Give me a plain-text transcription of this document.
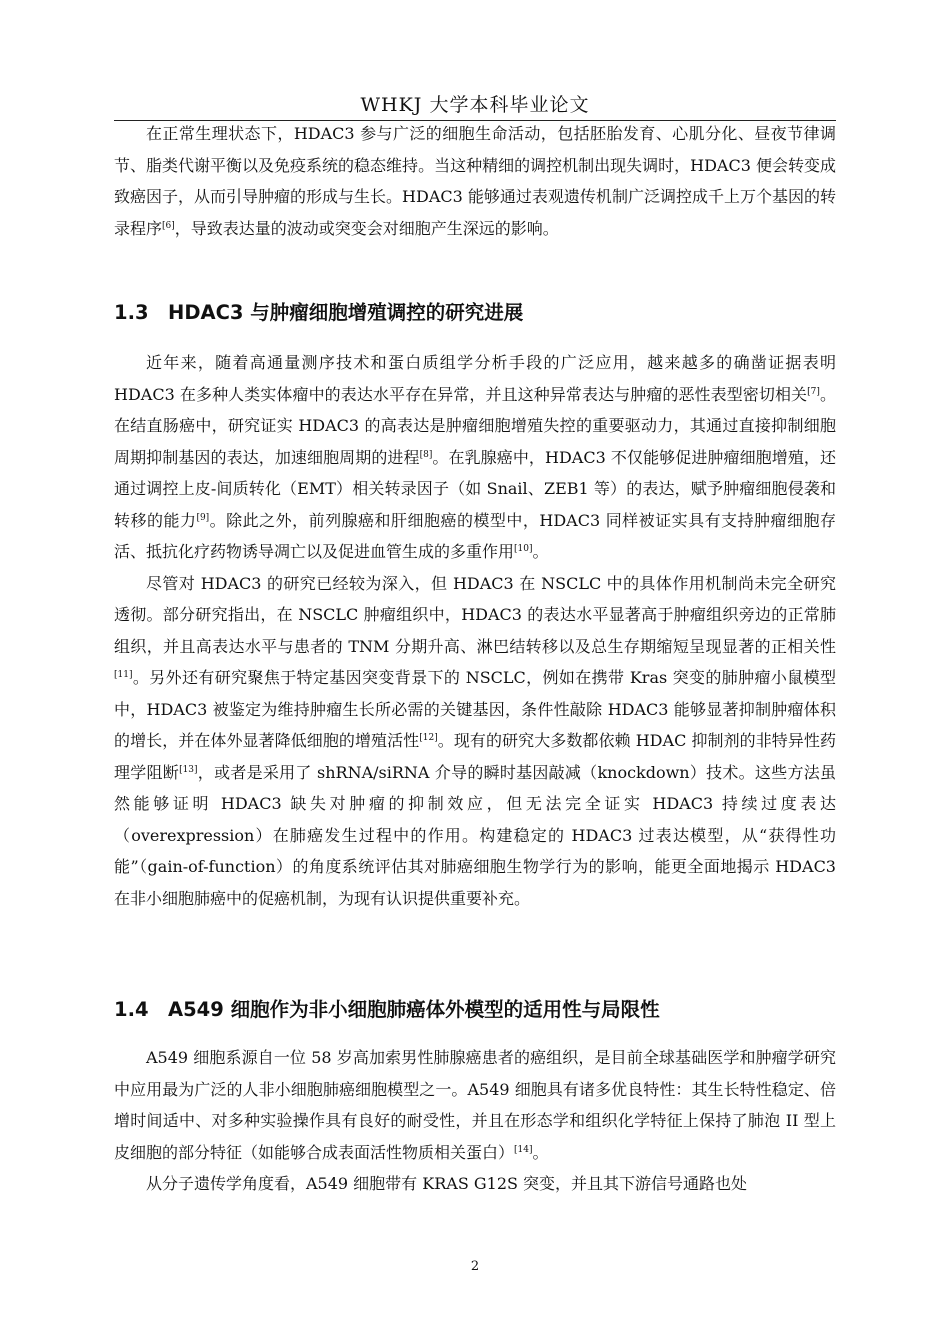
WHKJ 大学本科毕业论文

在正常生理状态下，HDAC3 参与广泛的细胞生命活动，包括胚胎发育、心肌分化、昼夜节律调节、脂类代谢平衡以及免疫系统的稳态维持。当这种精细的调控机制出现失调时，HDAC3 便会转变成致癌因子，从而引导肿瘤的形成与生长。HDAC3 能够通过表观遗传机制广泛调控成千上万个基因的转录程序[6]，导致表达量的波动或突变会对细胞产生深远的影响。

1.3 HDAC3 与肿瘤细胞增殖调控的研究进展

近年来，随着高通量测序技术和蛋白质组学分析手段的广泛应用，越来越多的确凿证据表明 HDAC3 在多种人类实体瘤中的表达水平存在异常，并且这种异常表达与肿瘤的恶性表型密切相关[7]。在结直肠癌中，研究证实 HDAC3 的高表达是肿瘤细胞增殖失控的重要驱动力，其通过直接抑制细胞周期抑制基因的表达，加速细胞周期的进程[8]。在乳腺癌中，HDAC3 不仅能够促进肿瘤细胞增殖，还通过调控上皮-间质转化（EMT）相关转录因子（如 Snail、ZEB1 等）的表达，赋予肿瘤细胞侵袭和转移的能力[9]。除此之外，前列腺癌和肝细胞癌的模型中，HDAC3 同样被证实具有支持肿瘤细胞存活、抵抗化疗药物诱导凋亡以及促进血管生成的多重作用[10]。

尽管对 HDAC3 的研究已经较为深入，但 HDAC3 在 NSCLC 中的具体作用机制尚未完全研究透彻。部分研究指出，在 NSCLC 肿瘤组织中，HDAC3 的表达水平显著高于肿瘤组织旁边的正常肺组织，并且高表达水平与患者的 TNM 分期升高、淋巴结转移以及总生存期缩短呈现显著的正相关性[11]。另外还有研究聚焦于特定基因突变背景下的 NSCLC，例如在携带 Kras 突变的肺肿瘤小鼠模型中，HDAC3 被鉴定为维持肿瘤生长所必需的关键基因，条件性敲除 HDAC3 能够显著抑制肿瘤体积的增长，并在体外显著降低细胞的增殖活性[12]。现有的研究大多数都依赖 HDAC 抑制剂的非特异性药理学阻断[13]，或者是采用了 shRNA/siRNA 介导的瞬时基因敲减（knockdown）技术。这些方法虽然能够证明 HDAC3 缺失对肿瘤的抑制效应，但无法完全证实 HDAC3 持续过度表达（overexpression）在肺癌发生过程中的作用。构建稳定的 HDAC3 过表达模型，从“获得性功能”（gain-of-function）的角度系统评估其对肺癌细胞生物学行为的影响，能更全面地揭示 HDAC3 在非小细胞肺癌中的促癌机制，为现有认识提供重要补充。

1.4 A549 细胞作为非小细胞肺癌体外模型的适用性与局限性

A549 细胞系源自一位 58 岁高加索男性肺腺癌患者的癌组织，是目前全球基础医学和肿瘤学研究中应用最为广泛的人非小细胞肺癌细胞模型之一。A549 细胞具有诸多优良特性：其生长特性稳定、倍增时间适中、对多种实验操作具有良好的耐受性，并且在形态学和组织化学特征上保持了肺泡 II 型上皮细胞的部分特征（如能够合成表面活性物质相关蛋白）[14]。

从分子遗传学角度看，A549 细胞带有 KRAS G12S 突变，并且其下游信号通路也处

2
